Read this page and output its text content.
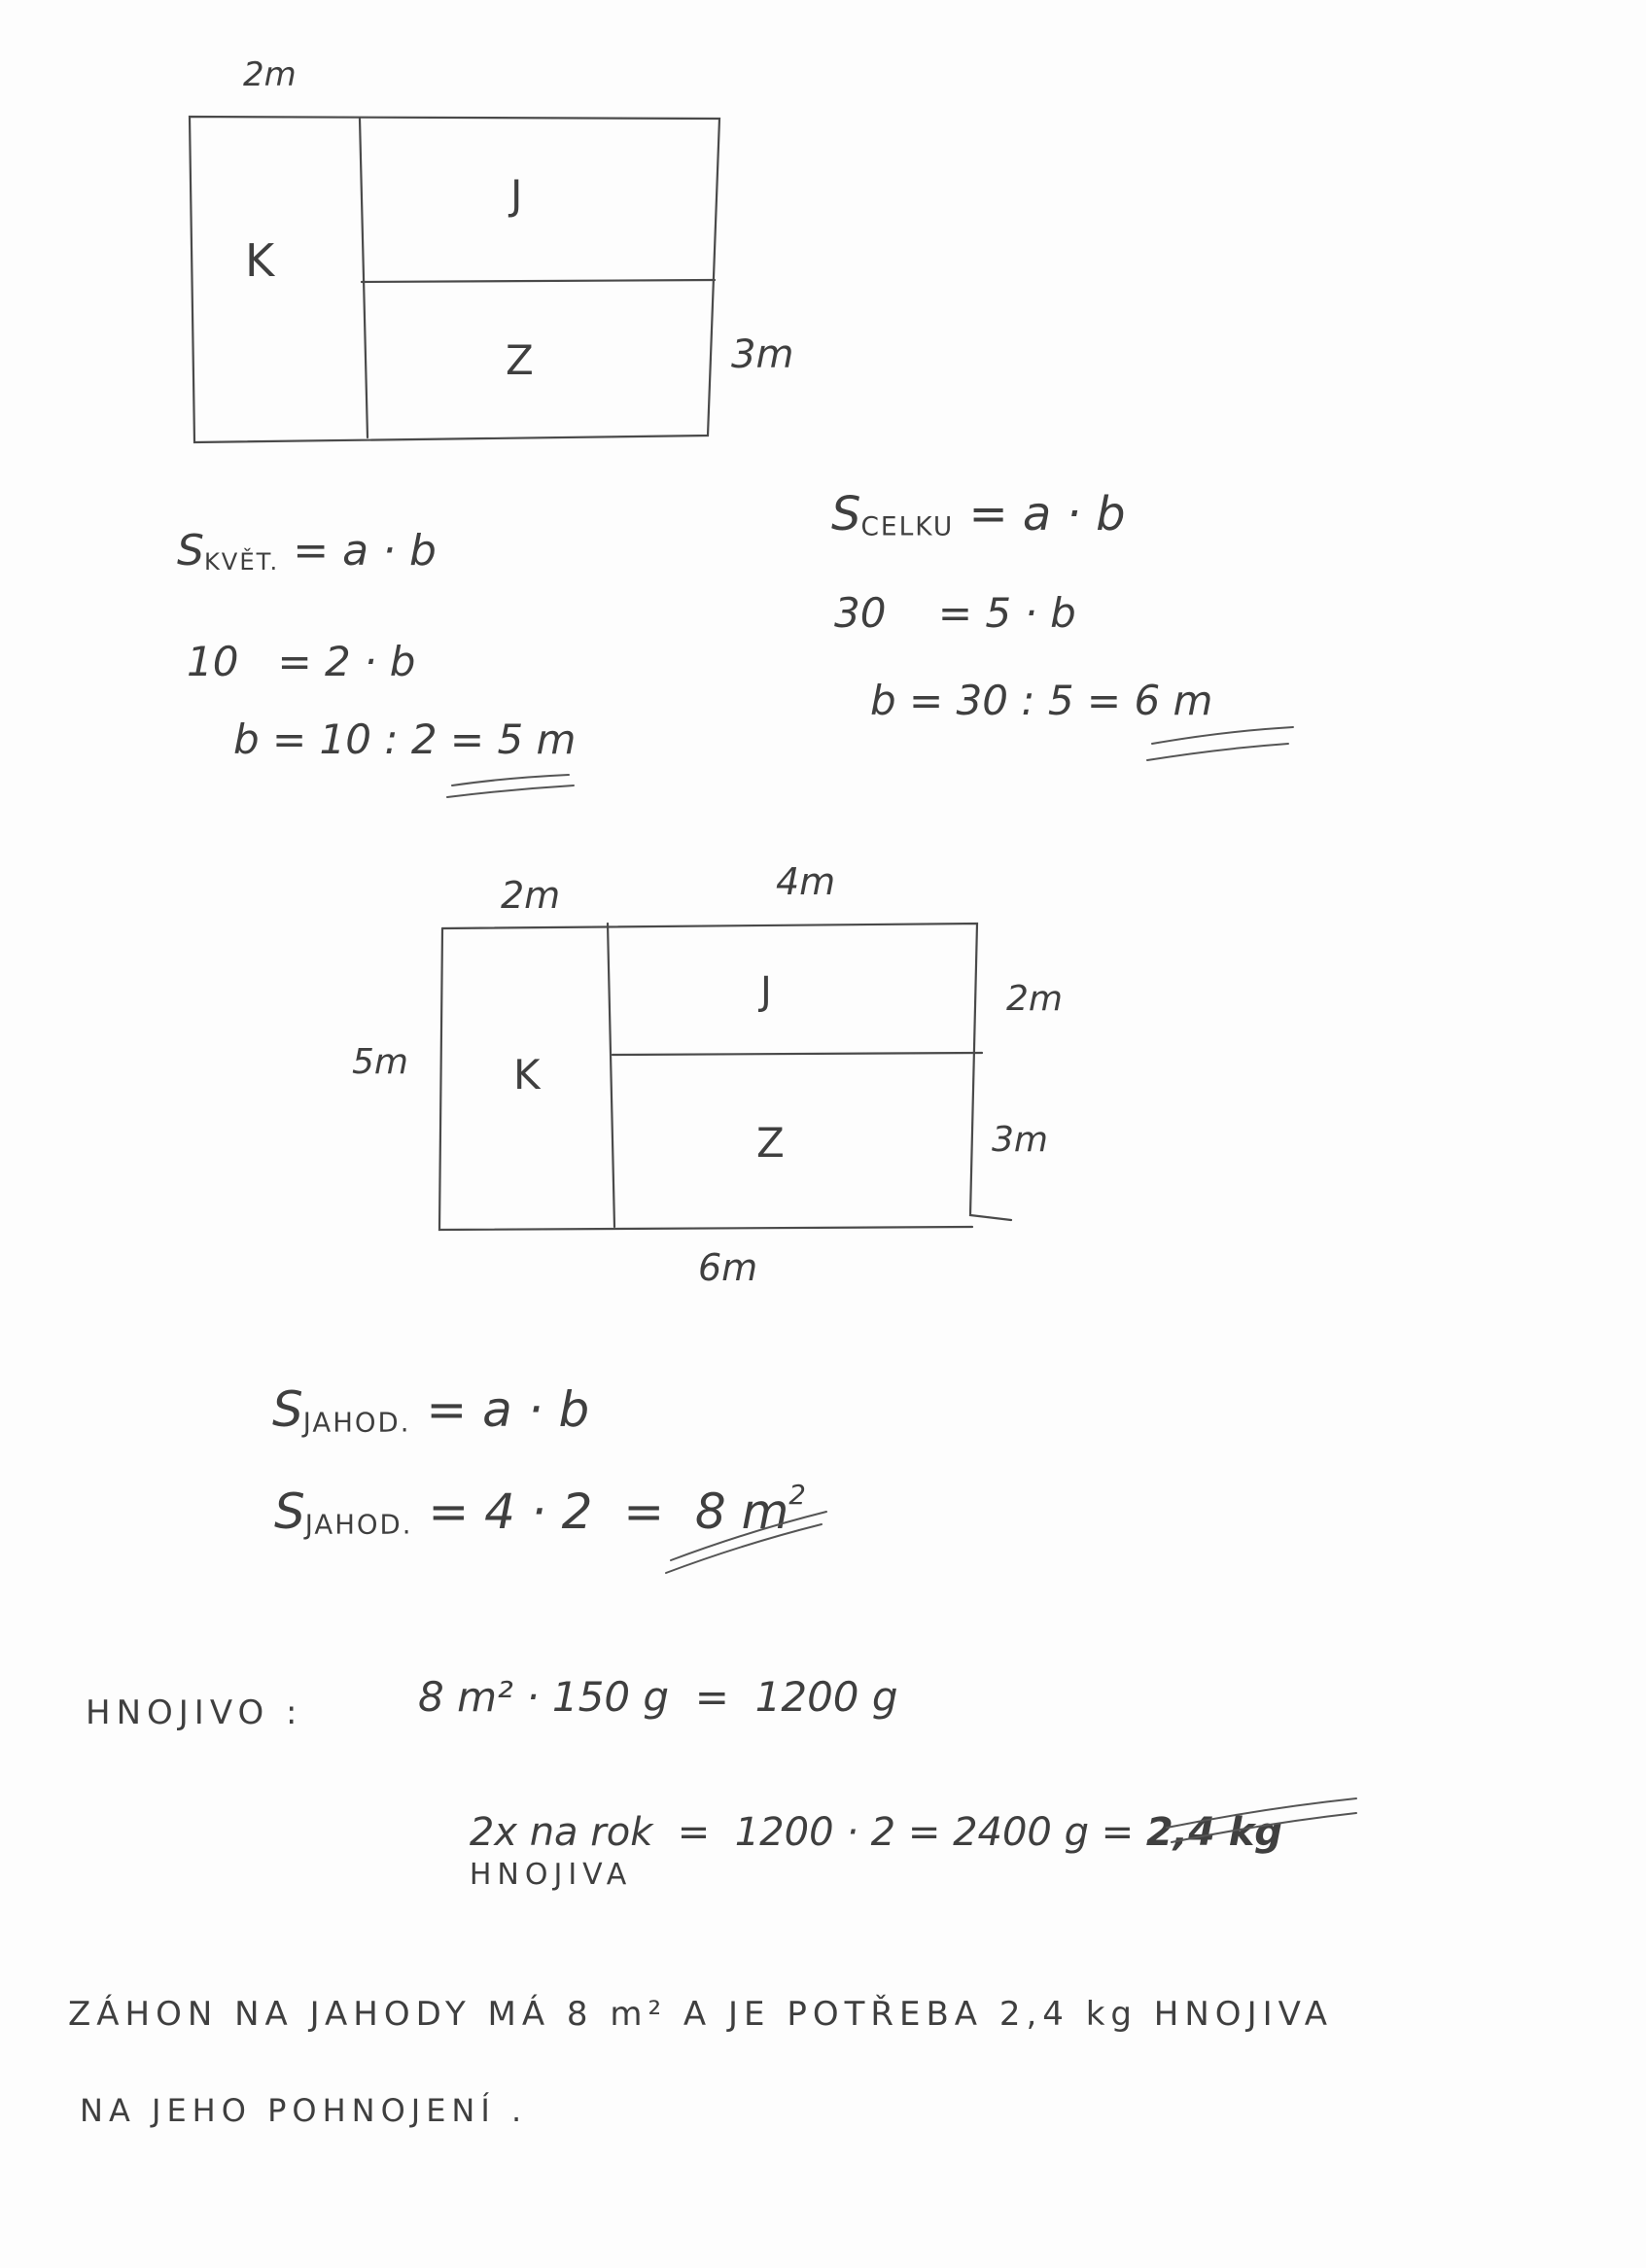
2m
K
J
Z	3m
$S_{KVĚT.} = a \cdot b$
10   = 2 · b
b = 10 : 2 = 5 m
$S_{CELKU} = a \cdot b$
30    = 5 · b
b = 30 : 5 = 6 m
2m	4m
5m	K
J
Z
2m
3m
6m
$S_{JAHOD.} = a \cdot b$
$S_{JAHOD.} = 4 \cdot 2 = 8$ $m^2$
HNOJIVO :	8 m² · 150 g  =  1200 g

2x na rok  =  1200 · 2 = 2400 g = 2,4 kg
HNOJIVA

ZÁHON NA JAHODY MÁ 8 m² A JE POTŘEBA 2,4 kg HNOJIVA
NA JEHO POHNOJENÍ .
